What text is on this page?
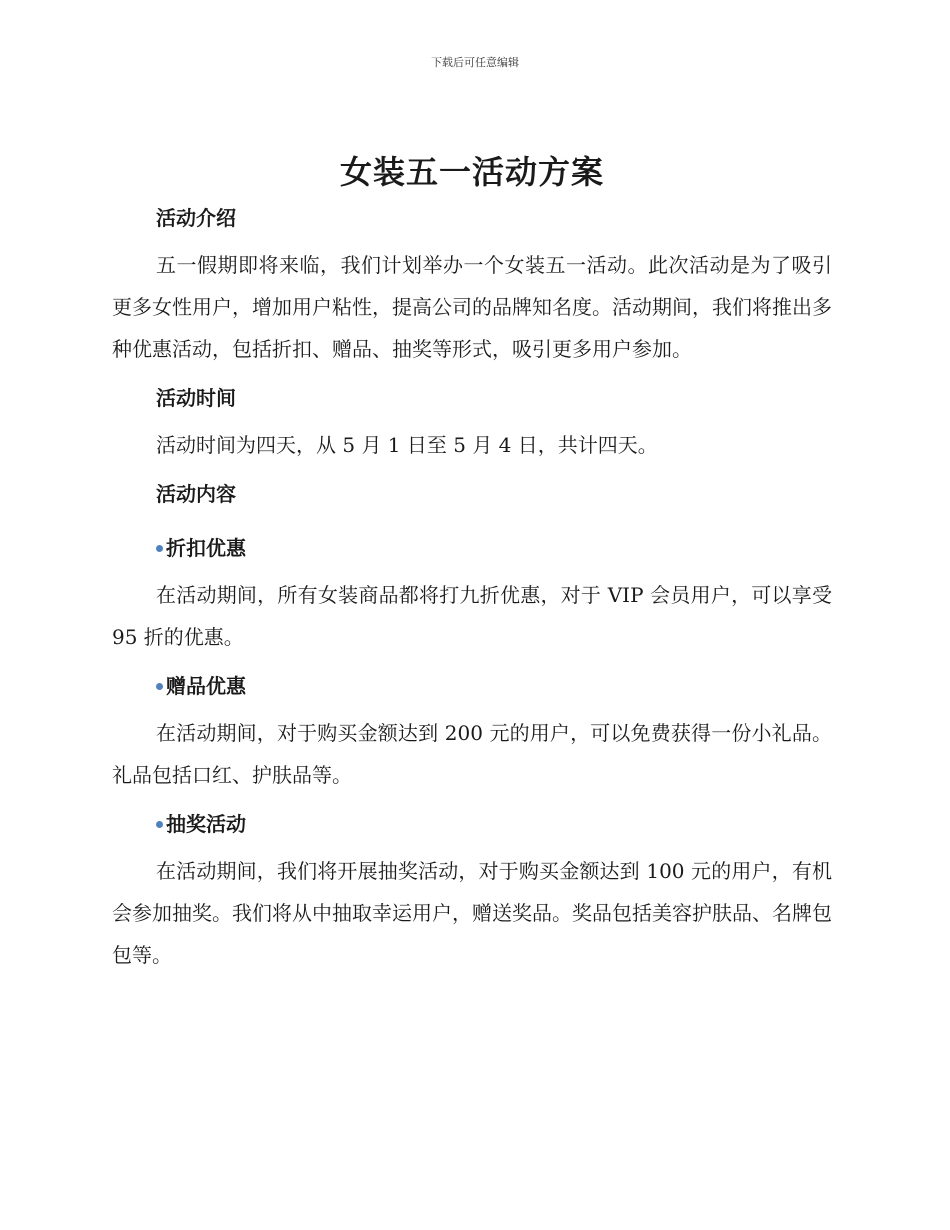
下载后可任意编辑
女装五一活动方案
活动介绍

五一假期即将来临，我们计划举办一个女装五一活动。此次活动是为了吸引更多女性用户，增加用户粘性，提高公司的品牌知名度。活动期间，我们将推出多种优惠活动，包括折扣、赠品、抽奖等形式，吸引更多用户参加。

活动时间

活动时间为四天，从 5 月 1 日至 5 月 4 日，共计四天。

活动内容
折扣优惠

在活动期间，所有女装商品都将打九折优惠，对于 VIP 会员用户，可以享受 95 折的优惠。

赠品优惠

在活动期间，对于购买金额达到 200 元的用户，可以免费获得一份小礼品。礼品包括口红、护肤品等。

抽奖活动

在活动期间，我们将开展抽奖活动，对于购买金额达到 100 元的用户，有机会参加抽奖。我们将从中抽取幸运用户，赠送奖品。奖品包括美容护肤品、名牌包包等。
